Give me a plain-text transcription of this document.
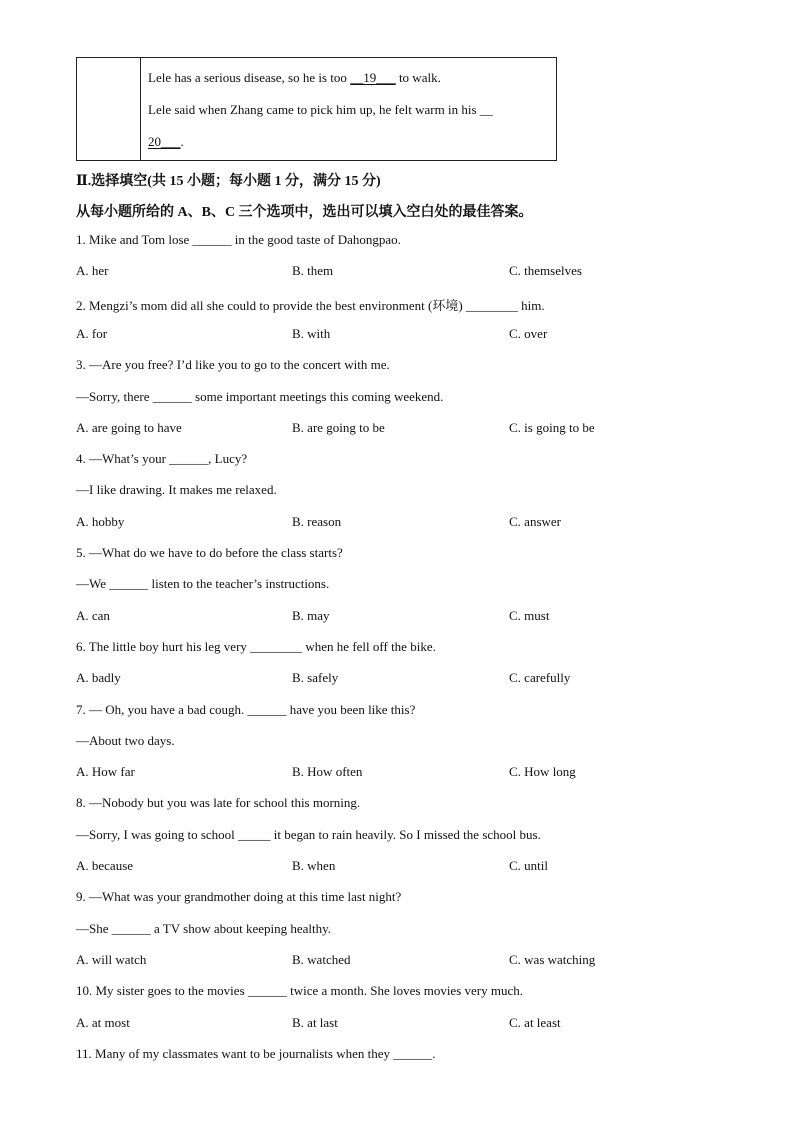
Lele has a serious disease, so he is too __19___ to walk.
Lele said when Zhang came to pick him up, he felt warm in his __
20___.
Ⅱ.选择填空(共 15 小题；每小题 1 分，满分 15 分)
从每小题所给的 A、B、C 三个选项中，选出可以填入空白处的最佳答案。
1. Mike and Tom lose ______ in the good taste of Dahongpao.
A. her	B. them	C. themselves
2. Mengzi’s mom did all she could to provide the best environment (环境) ________ him.
A. for	B. with	C. over
3. —Are you free? I’d like you to go to the concert with me.
—Sorry, there ______ some important meetings this coming weekend.
A. are going to have	B. are going to be	C. is going to be
4. —What’s your ______, Lucy?
—I like drawing. It makes me relaxed.
A. hobby	B. reason	C. answer
5. —What do we have to do before the class starts?
—We ______ listen to the teacher’s instructions.
A. can	B. may	C. must
6. The little boy hurt his leg very ________ when he fell off the bike.
A. badly	B. safely	C. carefully
7. — Oh, you have a bad cough. ______ have you been like this?
—About two days.
A. How far	B. How often	C. How long
8. —Nobody but you was late for school this morning.
—Sorry, I was going to school _____ it began to rain heavily. So I missed the school bus.
A. because	B. when	C. until
9. —What was your grandmother doing at this time last night?
—She ______ a TV show about keeping healthy.
A. will watch	B. watched	C. was watching
10. My sister goes to the movies ______ twice a month. She loves movies very much.
A. at most	B. at last	C. at least
11. Many of my classmates want to be journalists when they ______.
